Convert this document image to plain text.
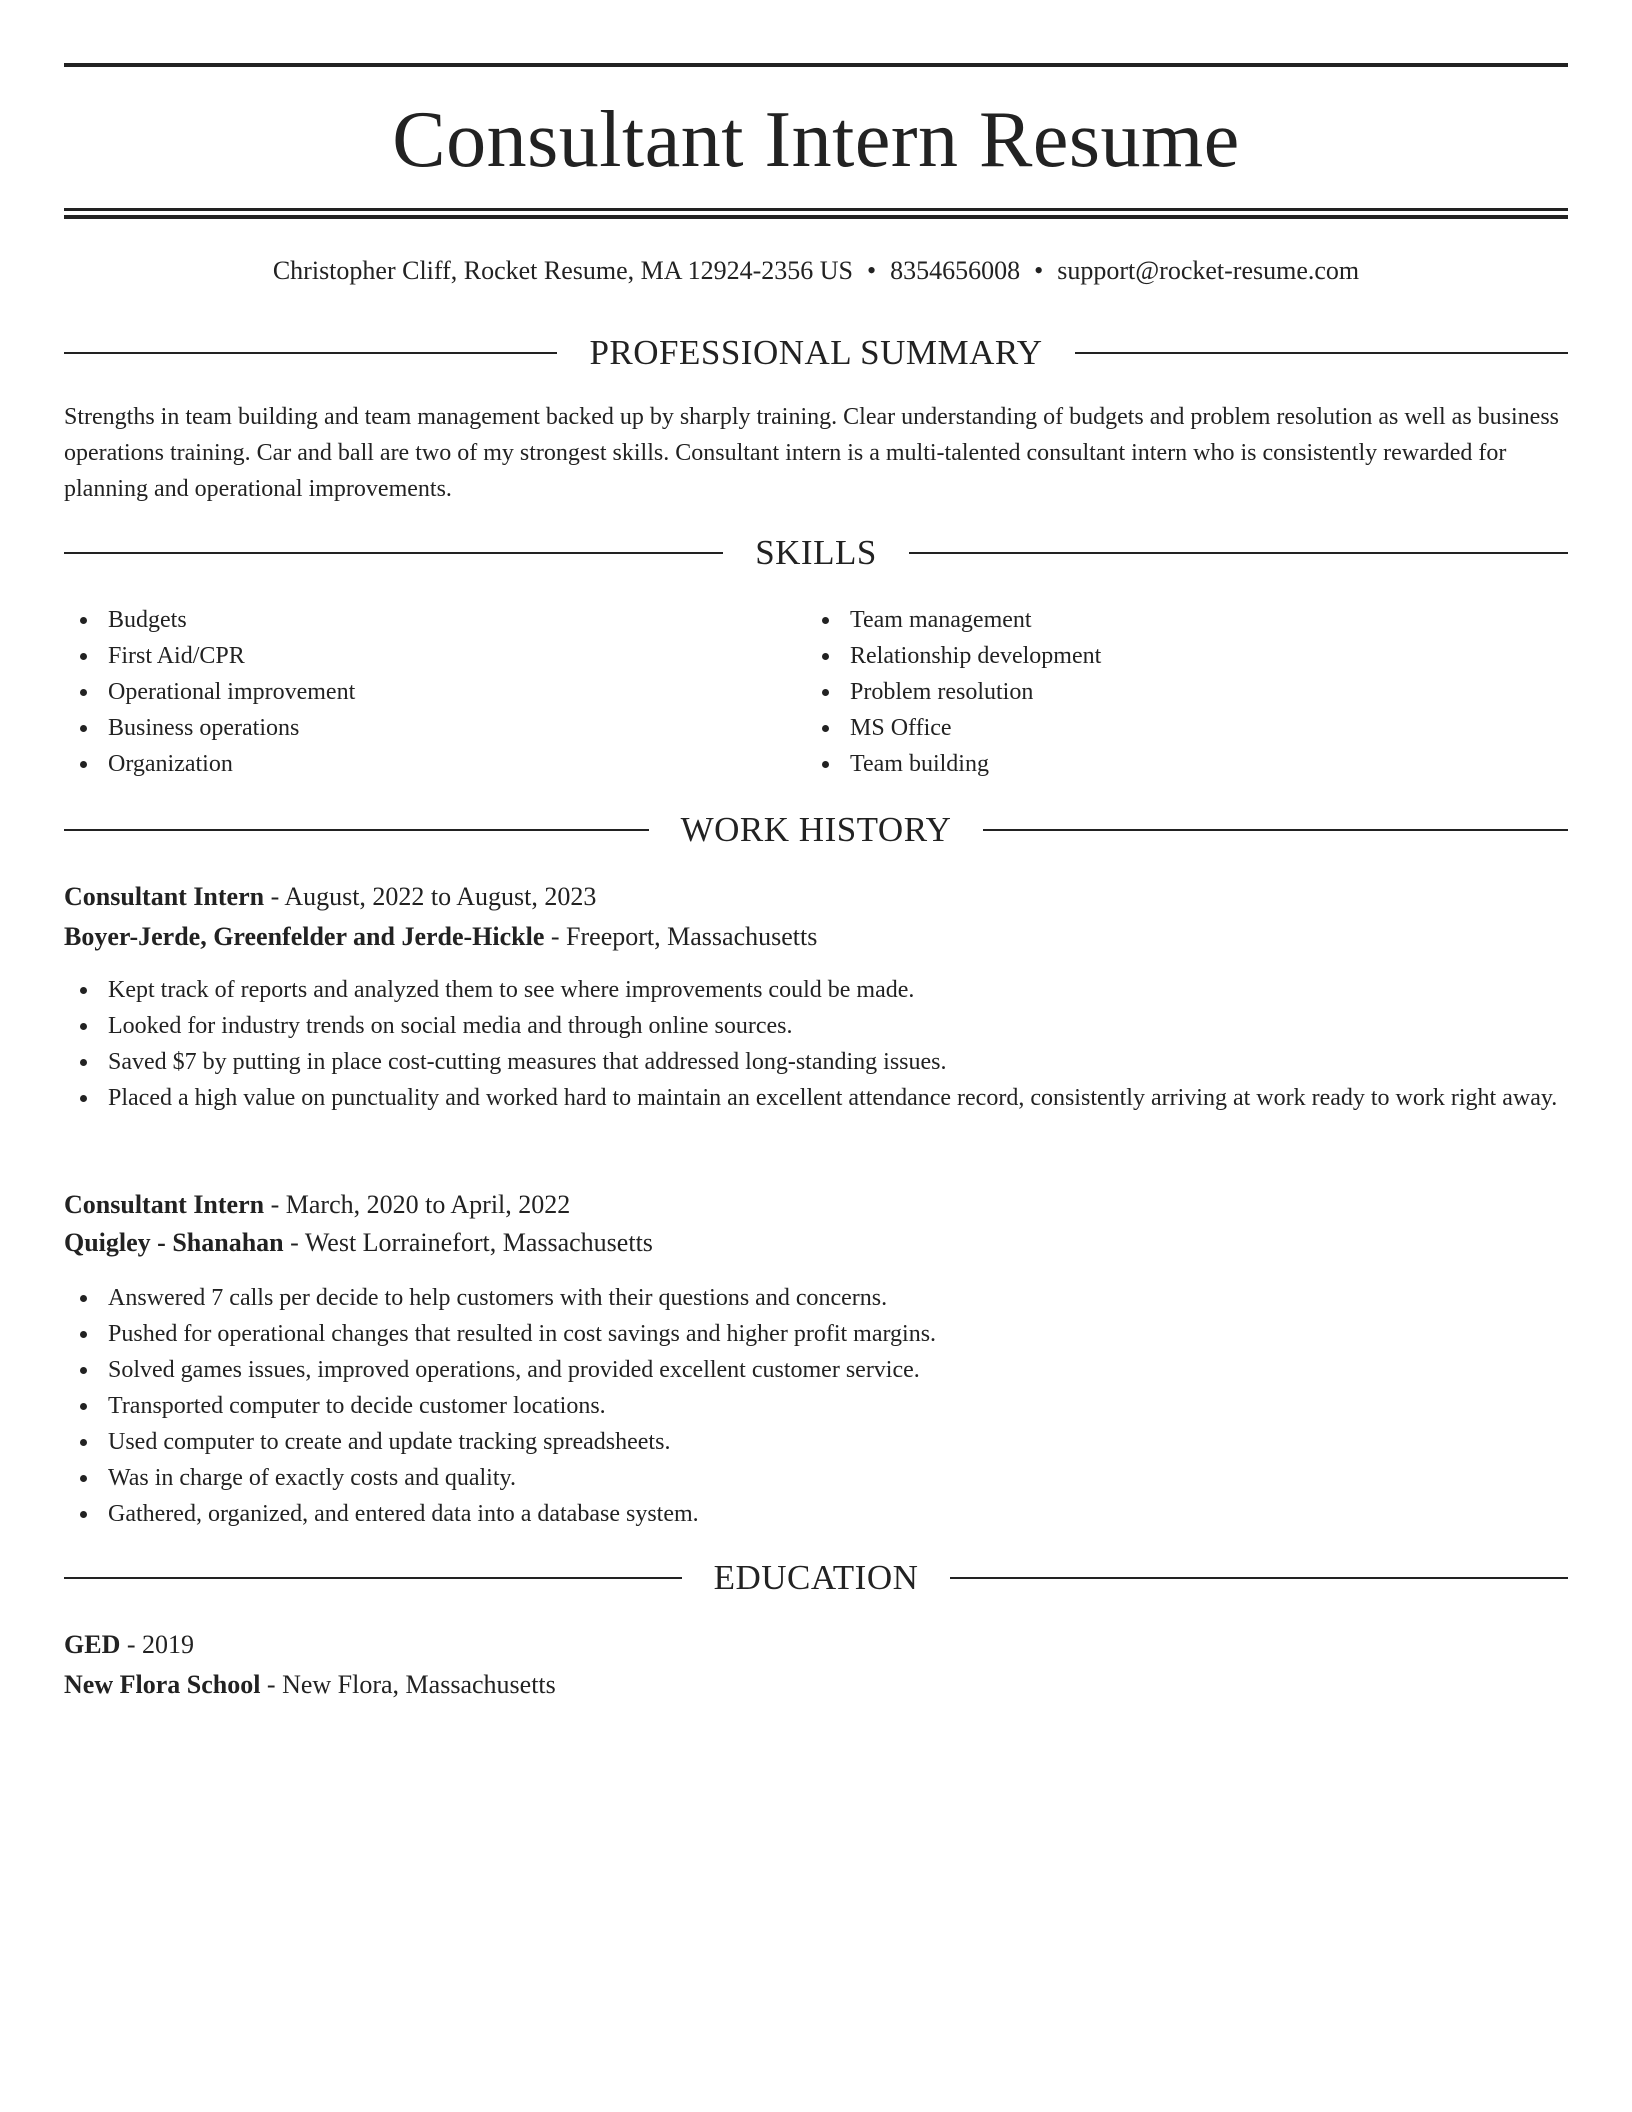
Consultant Intern Resume
Christopher Cliff, Rocket Resume, MA 12924-2356 US • 8354656008 • support@rocket-resume.com
PROFESSIONAL SUMMARY

Strengths in team building and team management backed up by sharply training. Clear understanding of budgets and problem resolution as well as business operations training. Car and ball are two of my strongest skills. Consultant intern is a multi-talented consultant intern who is consistently rewarded for planning and operational improvements.

SKILLS
Budgets
First Aid/CPR
Operational improvement
Business operations
Organization
Team management
Relationship development
Problem resolution
MS Office
Team building
WORK HISTORY
Consultant Intern - August, 2022 to August, 2023
Boyer-Jerde, Greenfelder and Jerde-Hickle - Freeport, Massachusetts
Kept track of reports and analyzed them to see where improvements could be made.
Looked for industry trends on social media and through online sources.
Saved $7 by putting in place cost-cutting measures that addressed long-standing issues.
Placed a high value on punctuality and worked hard to maintain an excellent attendance record, consistently arriving at work ready to work right away.
Consultant Intern - March, 2020 to April, 2022
Quigley - Shanahan - West Lorrainefort, Massachusetts
Answered 7 calls per decide to help customers with their questions and concerns.
Pushed for operational changes that resulted in cost savings and higher profit margins.
Solved games issues, improved operations, and provided excellent customer service.
Transported computer to decide customer locations.
Used computer to create and update tracking spreadsheets.
Was in charge of exactly costs and quality.
Gathered, organized, and entered data into a database system.
EDUCATION
GED - 2019
New Flora School - New Flora, Massachusetts
